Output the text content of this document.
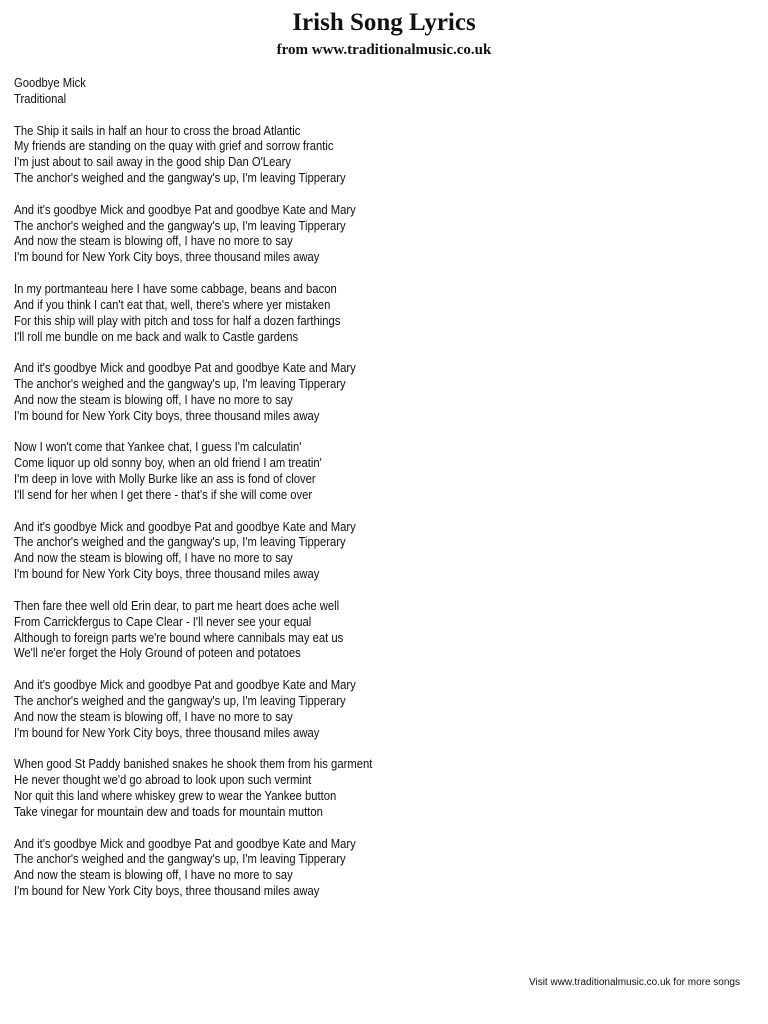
Irish Song Lyrics
from www.traditionalmusic.co.uk
Goodbye Mick
Traditional
The Ship it sails in half an hour to cross the broad Atlantic
My friends are standing on the quay with grief and sorrow frantic
I'm just about to sail away in the good ship Dan O'Leary
The anchor's weighed and the gangway's up, I'm leaving Tipperary
And it's goodbye Mick and goodbye Pat and goodbye Kate and Mary
The anchor's weighed and the gangway's up, I'm leaving Tipperary
And now the steam is blowing off, I have no more to say
I'm bound for New York City boys, three thousand miles away
In my portmanteau here I have some cabbage, beans and bacon
And if you think I can't eat that, well, there's where yer mistaken
For this ship will play with pitch and toss for half a dozen farthings
I'll roll me bundle on me back and walk to Castle gardens
And it's goodbye Mick and goodbye Pat and goodbye Kate and Mary
The anchor's weighed and the gangway's up, I'm leaving Tipperary
And now the steam is blowing off, I have no more to say
I'm bound for New York City boys, three thousand miles away
Now I won't come that Yankee chat, I guess I'm calculatin'
Come liquor up old sonny boy, when an old friend I am treatin'
I'm deep in love with Molly Burke like an ass is fond of clover
I'll send for her when I get there - that's if she will come over
And it's goodbye Mick and goodbye Pat and goodbye Kate and Mary
The anchor's weighed and the gangway's up, I'm leaving Tipperary
And now the steam is blowing off, I have no more to say
I'm bound for New York City boys, three thousand miles away
Then fare thee well old Erin dear, to part me heart does ache well
From Carrickfergus to Cape Clear - I'll never see your equal
Although to foreign parts we're bound where cannibals may eat us
We'll ne'er forget the Holy Ground of poteen and potatoes
And it's goodbye Mick and goodbye Pat and goodbye Kate and Mary
The anchor's weighed and the gangway's up, I'm leaving Tipperary
And now the steam is blowing off, I have no more to say
I'm bound for New York City boys, three thousand miles away
When good St Paddy banished snakes he shook them from his garment
He never thought we'd go abroad to look upon such vermint
Nor quit this land where whiskey grew to wear the Yankee button
Take vinegar for mountain dew and toads for mountain mutton
And it's goodbye Mick and goodbye Pat and goodbye Kate and Mary
The anchor's weighed and the gangway's up, I'm leaving Tipperary
And now the steam is blowing off, I have no more to say
I'm bound for New York City boys, three thousand miles away
Visit www.traditionalmusic.co.uk for more songs
